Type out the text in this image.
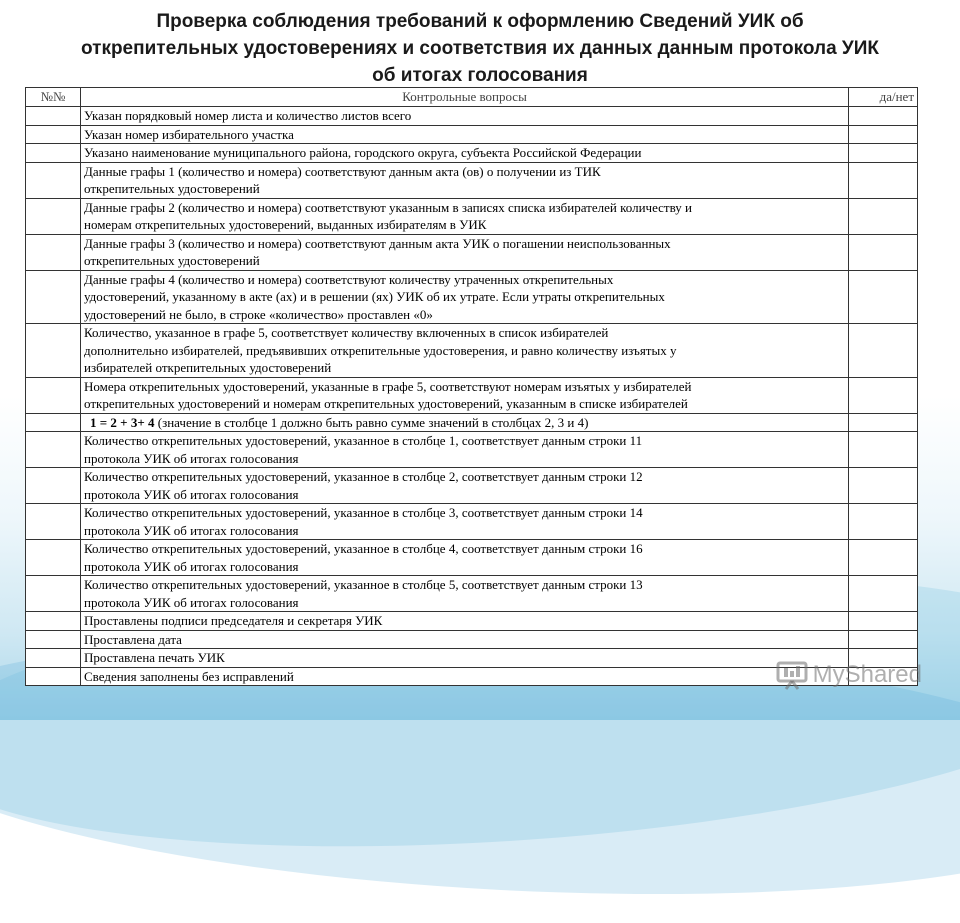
Проверка соблюдения требований к оформлению Сведений УИК об
открепительных удостоверениях и соответствия их данных данным протокола УИК
об итогах голосования
№№	Контрольные вопросы	да/нет

	Указан порядковый номер листа и количество листов всего	

	Указан номер избирательного участка	

	Указано наименование муниципального района, городского округа, субъекта Российской Федерации	

	Данные графы 1 (количество и номера) соответствуют данным акта (ов) о получении из ТИК
открепительных удостоверений	

	Данные графы 2 (количество и номера) соответствуют указанным в записях списка избирателей количеству и
номерам открепительных удостоверений, выданных избирателям в УИК	

	Данные графы 3 (количество и номера) соответствуют данным акта УИК о погашении неиспользованных
открепительных удостоверений	

	Данные графы 4 (количество и номера) соответствуют количеству утраченных открепительных
удостоверений, указанному в акте (ах) и в решении (ях) УИК об их утрате. Если утраты открепительных
удостоверений не было, в строке «количество» проставлен «0»	

	Количество, указанное в графе 5, соответствует количеству включенных в список избирателей
дополнительно избирателей, предъявивших открепительные удостоверения, и равно количеству изъятых у
избирателей открепительных удостоверений	

	Номера открепительных удостоверений, указанные в графе 5, соответствуют номерам изъятых у избирателей
открепительных удостоверений и номерам открепительных удостоверений, указанным в списке избирателей	

	1 = 2 + 3+ 4 (значение в столбце 1 должно быть равно сумме значений в столбцах 2, 3 и 4)	

	Количество открепительных удостоверений, указанное в столбце 1, соответствует данным строки 11
протокола УИК об итогах голосования	

	Количество открепительных удостоверений, указанное в столбце 2, соответствует данным строки 12
протокола УИК об итогах голосования	

	Количество открепительных удостоверений, указанное в столбце 3, соответствует данным строки 14
протокола УИК об итогах голосования	

	Количество открепительных удостоверений, указанное в столбце 4, соответствует данным строки 16
протокола УИК об итогах голосования	

	Количество открепительных удостоверений, указанное в столбце 5, соответствует данным строки 13
протокола УИК об итогах голосования	

	Проставлены подписи председателя и секретаря УИК	

	Проставлена дата	

	Проставлена печать УИК	

	Сведения заполнены без исправлений	
		MyShared
